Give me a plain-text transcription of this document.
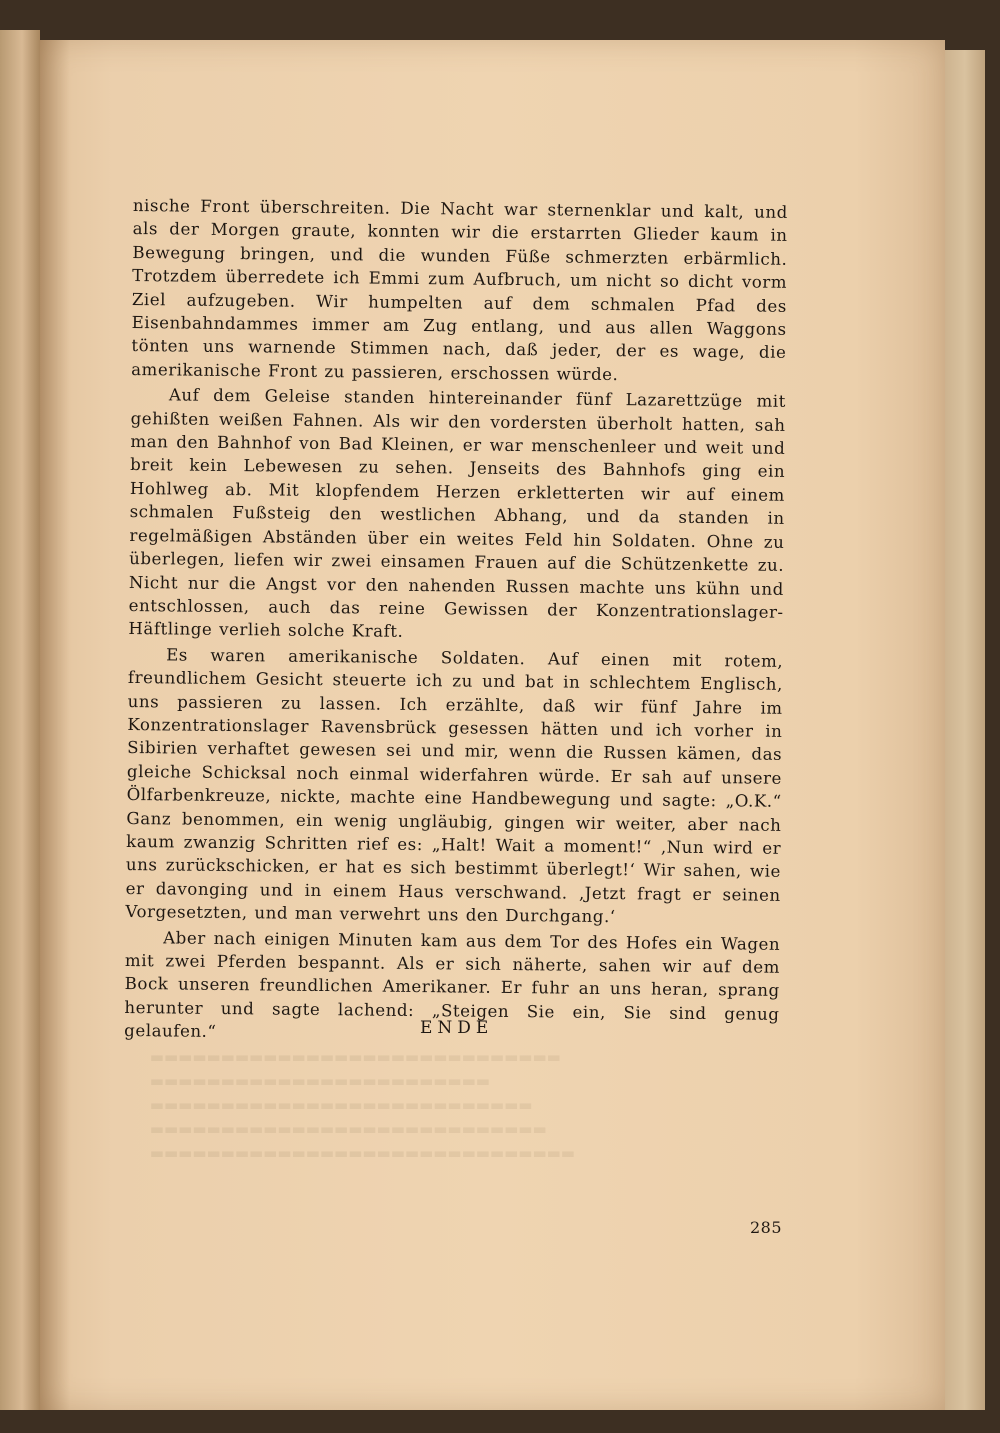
▬▬▬▬▬▬▬▬▬▬▬▬▬▬▬▬▬▬▬▬▬▬▬▬▬▬▬▬▬
▬▬▬▬▬▬▬▬▬▬▬▬▬▬▬▬▬▬▬▬▬▬▬▬
▬▬▬▬▬▬▬▬▬▬▬▬▬▬▬▬▬▬▬▬▬▬▬▬▬▬▬
▬▬▬▬▬▬▬▬▬▬▬▬▬▬▬▬▬▬▬▬▬▬▬▬▬▬▬▬
▬▬▬▬▬▬▬▬▬▬▬▬▬▬▬▬▬▬▬▬▬▬▬▬▬▬▬▬▬▬

nische Front überschreiten. Die Nacht war sternenklar und kalt, und als der Morgen graute, konnten wir die erstarrten Glieder kaum in Bewegung bringen, und die wunden Füße schmerzten erbärmlich. Trotzdem überredete ich Emmi zum Aufbruch, um nicht so dicht vorm Ziel aufzugeben. Wir humpelten auf dem schmalen Pfad des Eisenbahndammes immer am Zug entlang, und aus allen Waggons tönten uns warnende Stimmen nach, daß jeder, der es wage, die amerikanische Front zu passieren, erschossen würde.

Auf dem Geleise standen hintereinander fünf Lazarettzüge mit gehißten weißen Fahnen. Als wir den vordersten überholt hatten, sah man den Bahnhof von Bad Kleinen, er war menschenleer und weit und breit kein Lebewesen zu sehen. Jenseits des Bahnhofs ging ein Hohlweg ab. Mit klopfendem Herzen erkletterten wir auf einem schmalen Fußsteig den westlichen Abhang, und da standen in regelmäßigen Abständen über ein weites Feld hin Soldaten. Ohne zu überlegen, liefen wir zwei einsamen Frauen auf die Schützenkette zu. Nicht nur die Angst vor den nahenden Russen machte uns kühn und entschlossen, auch das reine Gewissen der Konzentrationslager-Häftlinge verlieh solche Kraft.

Es waren amerikanische Soldaten. Auf einen mit rotem, freundlichem Gesicht steuerte ich zu und bat in schlechtem Englisch, uns passieren zu lassen. Ich erzählte, daß wir fünf Jahre im Konzentrationslager Ravensbrück gesessen hätten und ich vorher in Sibirien verhaftet gewesen sei und mir, wenn die Russen kämen, das gleiche Schicksal noch einmal widerfahren würde. Er sah auf unsere Ölfarbenkreuze, nickte, machte eine Handbewegung und sagte: „O.K.“ Ganz benommen, ein wenig ungläubig, gingen wir weiter, aber nach kaum zwanzig Schritten rief es: „Halt! Wait a moment!“ ‚Nun wird er uns zurückschicken, er hat es sich bestimmt überlegt!‘ Wir sahen, wie er davonging und in einem Haus verschwand. ‚Jetzt fragt er seinen Vorgesetzten, und man verwehrt uns den Durchgang.‘

Aber nach einigen Minuten kam aus dem Tor des Hofes ein Wagen mit zwei Pferden bespannt. Als er sich näherte, sahen wir auf dem Bock unseren freundlichen Amerikaner. Er fuhr an uns heran, sprang herunter und sagte lachend: „Steigen Sie ein, Sie sind genug gelaufen.“	ENDE
285
